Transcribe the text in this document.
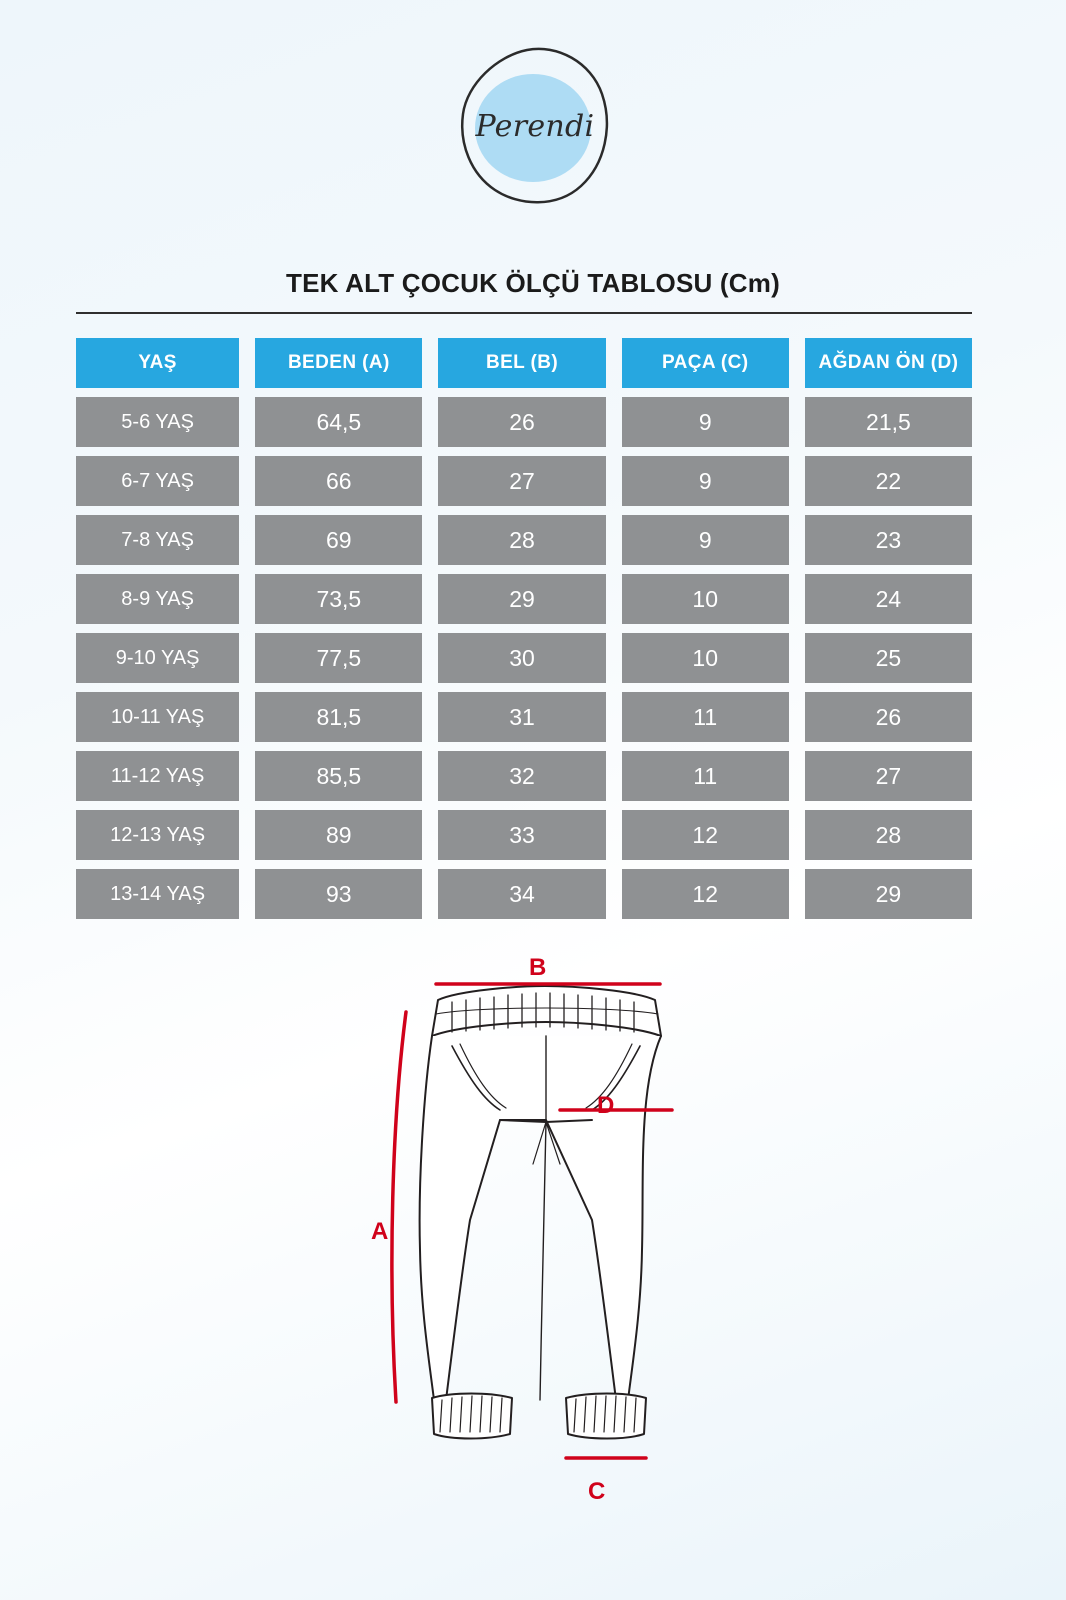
Perendi
TEK ALT ÇOCUK ÖLÇÜ TABLOSU (Cm)
YAŞ	BEDEN (A)	BEL (B)	PAÇA (C)	AĞDAN ÖN (D)
5-6 YAŞ	64,5	26	9	21,5
6-7 YAŞ	66	27	9	22
7-8 YAŞ	69	28	9	23
8-9 YAŞ	73,5	29	10	24
9-10 YAŞ	77,5	30	10	25
10-11 YAŞ	81,5	31	11	26
11-12 YAŞ	85,5	32	11	27
12-13 YAŞ	89	33	12	28
13-14 YAŞ	93	34	12	29
B
D
A
C
